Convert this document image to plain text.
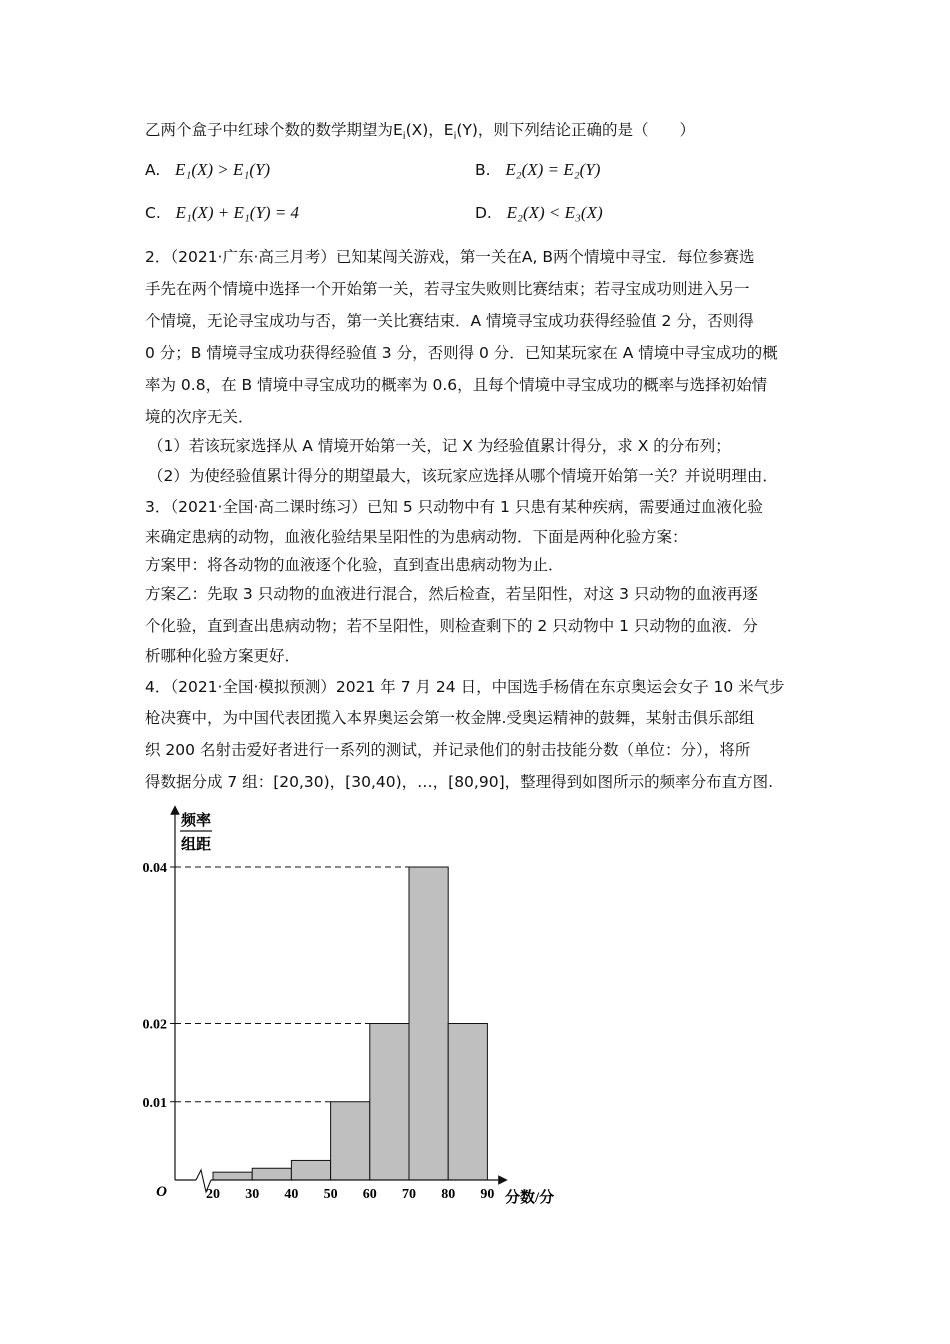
乙两个盒子中红球个数的数学期望为$E_i(X)$，$E_i(Y)$，则下列结论正确的是（　　）
A. E₁(X) > E₁(Y)	B. E₂(X) = E₂(Y)
C. E₁(X) + E₁(Y) = 4	D. E₂(X) < E₃(X)
2．（2021·广东·高三月考）已知某闯关游戏，第一关在A, B两个情境中寻宝．每位参赛选
手先在两个情境中选择一个开始第一关，若寻宝失败则比赛结束；若寻宝成功则进入另一
个情境，无论寻宝成功与否，第一关比赛结束．A 情境寻宝成功获得经验值 2 分，否则得
0 分；B 情境寻宝成功获得经验值 3 分，否则得 0 分．已知某玩家在 A 情境中寻宝成功的概
率为 0.8，在 B 情境中寻宝成功的概率为 0.6，且每个情境中寻宝成功的概率与选择初始情
境的次序无关．
（1）若该玩家选择从 A 情境开始第一关，记 X 为经验值累计得分，求 X 的分布列；
（2）为使经验值累计得分的期望最大，该玩家应选择从哪个情境开始第一关？并说明理由．
3．（2021·全国·高二课时练习）已知 5 只动物中有 1 只患有某种疾病，需要通过血液化验
来确定患病的动物，血液化验结果呈阳性的为患病动物．下面是两种化验方案：
方案甲：将各动物的血液逐个化验，直到查出患病动物为止．
方案乙：先取 3 只动物的血液进行混合，然后检查，若呈阳性，对这 3 只动物的血液再逐
个化验，直到查出患病动物；若不呈阳性，则检查剩下的 2 只动物中 1 只动物的血液．分
析哪种化验方案更好．
4．（2021·全国·模拟预测）2021 年 7 月 24 日，中国选手杨倩在东京奥运会女子 10 米气步
枪决赛中，为中国代表团揽入本界奥运会第一枚金牌.受奥运精神的鼓舞，某射击俱乐部组
织 200 名射击爱好者进行一系列的测试，并记录他们的射击技能分数（单位：分），将所
得数据分成 7 组：[20,30)，[30,40)，…，[80,90]，整理得到如图所示的频率分布直方图.
0.01
0.02
0.04
20 30 40 50 60 70 80 90
O	分数/分
频率
组距
